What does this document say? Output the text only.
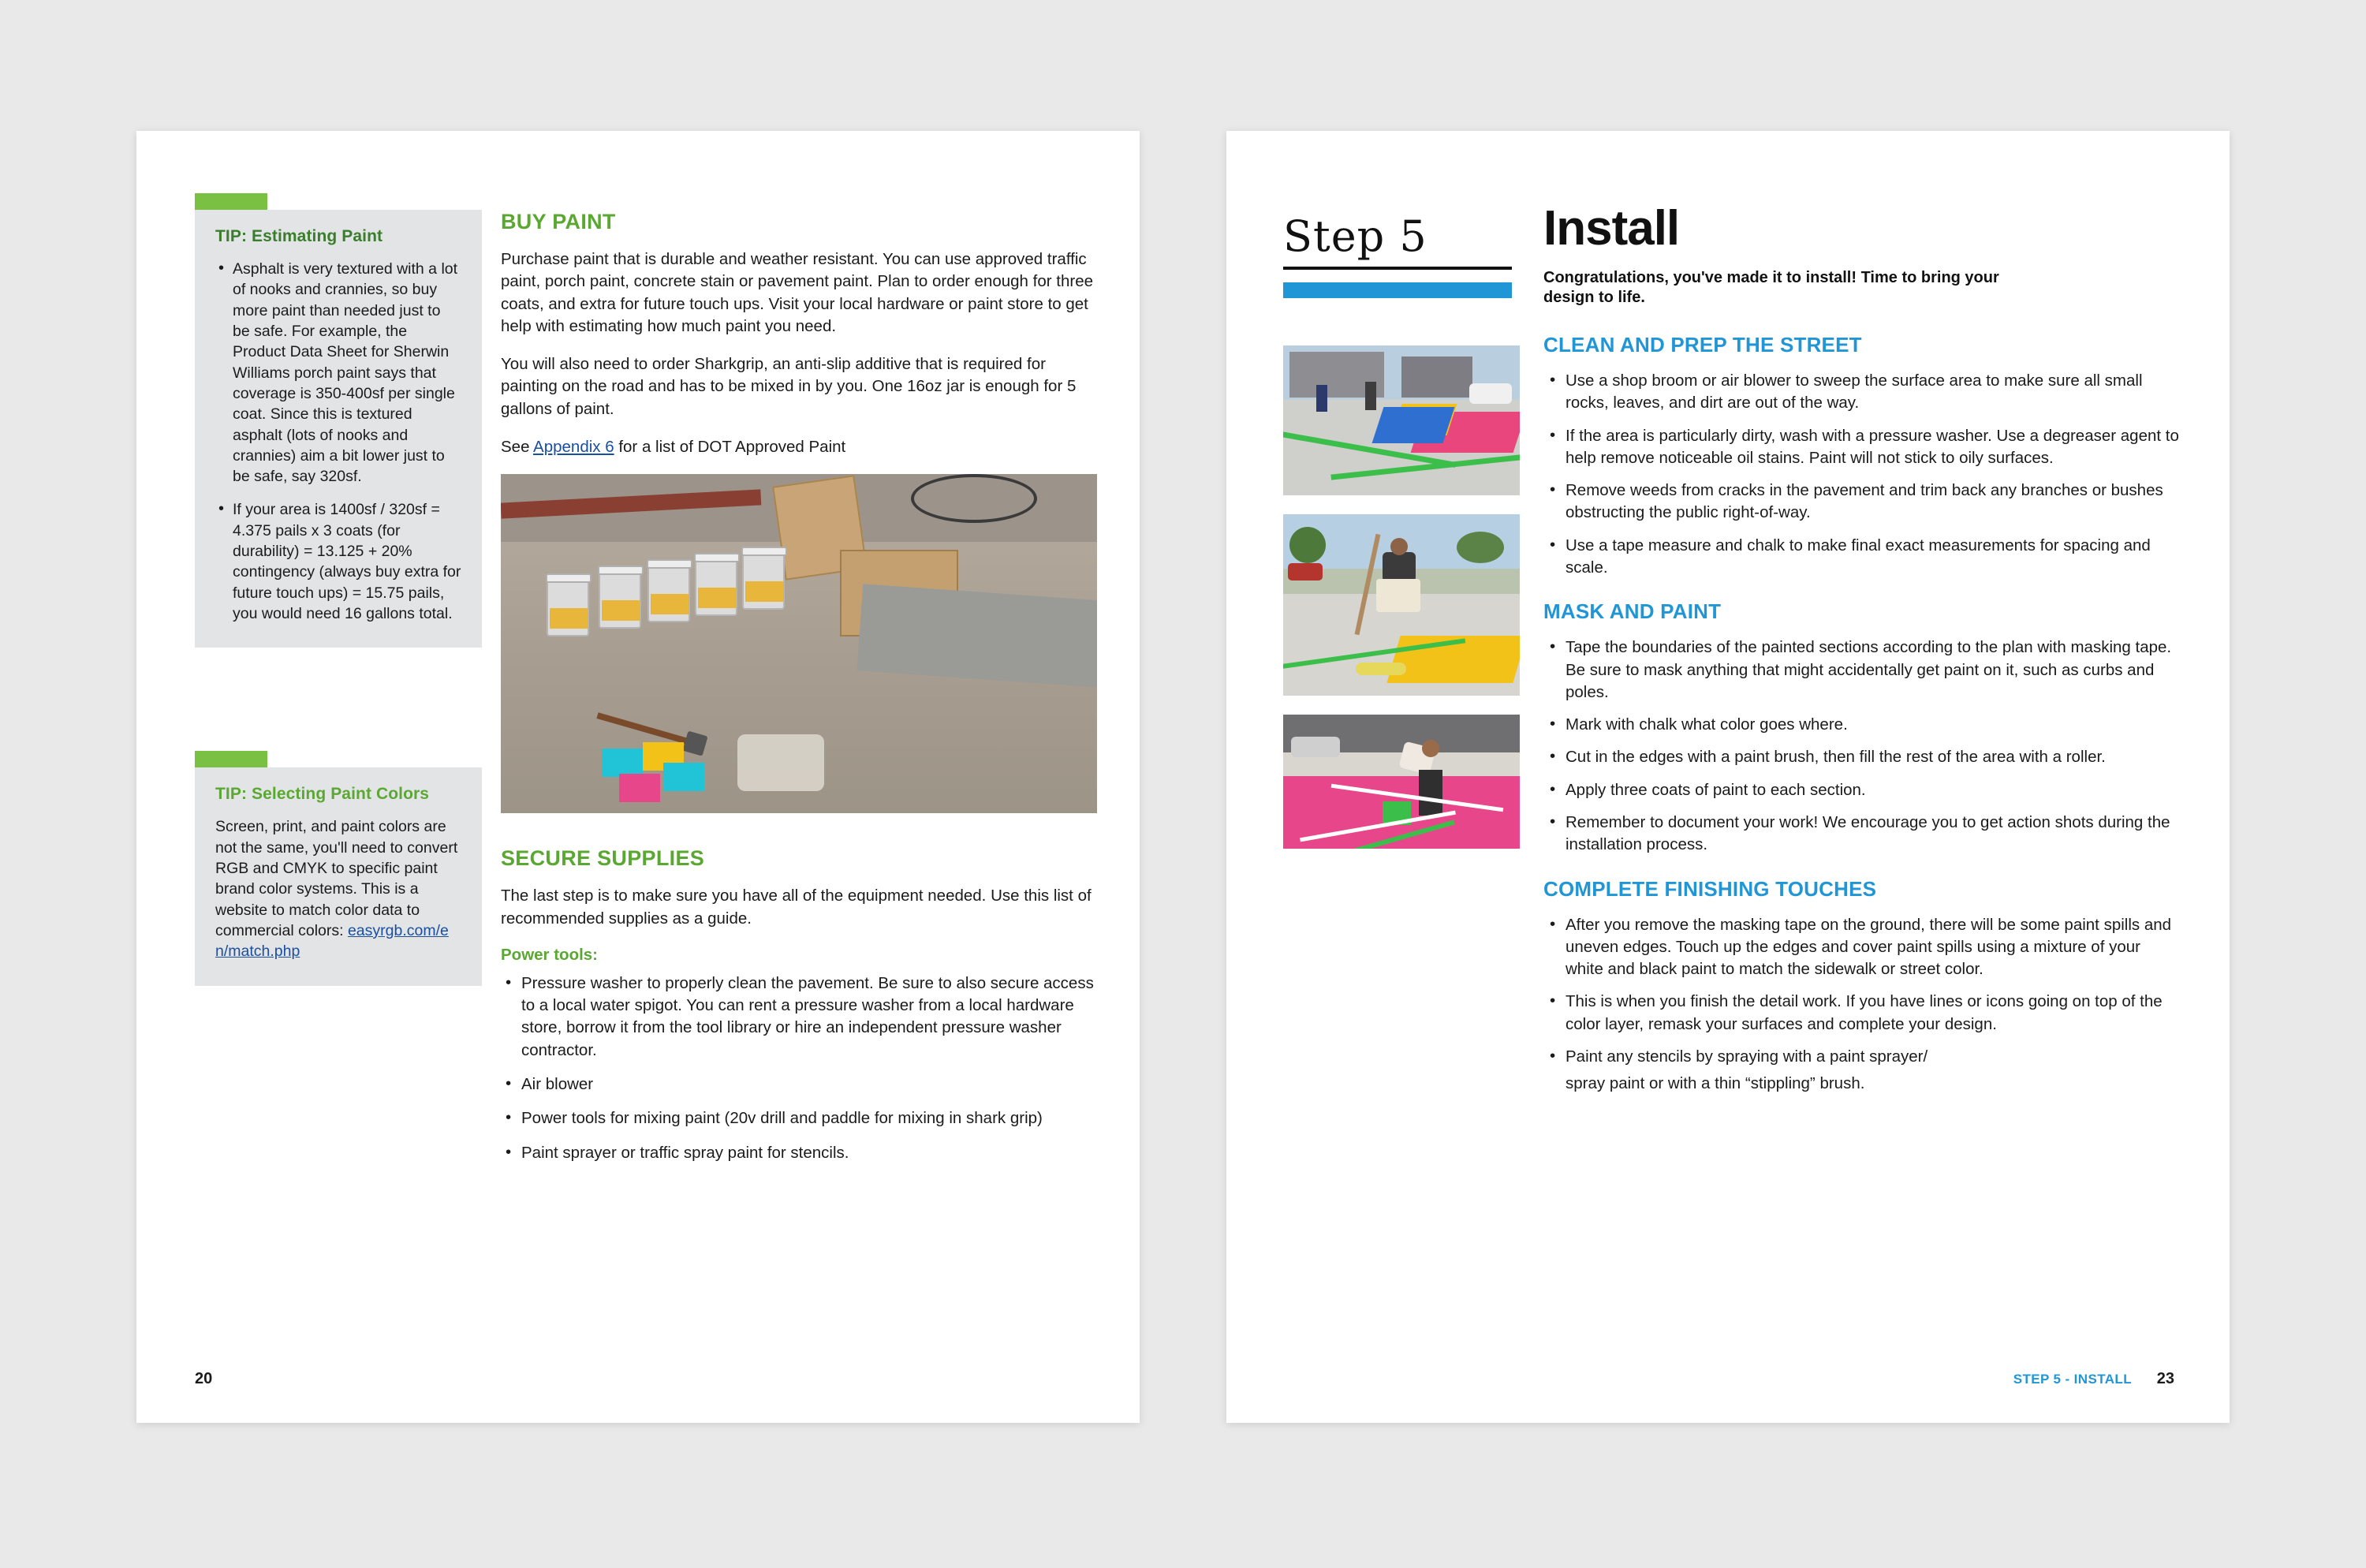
TIP: Estimating Paint
• Asphalt is very textured with a lot of nooks and crannies, so buy more paint than needed just to be safe. For example, the Product Data Sheet for Sherwin Williams porch paint says that coverage is 350-400sf per single coat. Since this is textured asphalt (lots of nooks and crannies) aim a bit lower just to be safe, say 320sf.
• If your area is 1400sf / 320sf = 4.375 pails x 3 coats (for durability) = 13.125 + 20% contingency (always buy extra for future touch ups) = 15.75 pails, you would need 16 gallons total.
TIP: Selecting Paint Colors
Screen, print, and paint colors are not the same, you'll need to convert RGB and CMYK to specific paint brand color systems. This is a website to match color data to commercial colors: easyrgb.com/en/match.php
BUY PAINT
Purchase paint that is durable and weather resistant. You can use approved traffic paint, porch paint, concrete stain or pavement paint. Plan to order enough for three coats, and extra for future touch ups. Visit your local hardware or paint store to get help with estimating how much paint you need.
You will also need to order Sharkgrip, an anti-slip additive that is required for painting on the road and has to be mixed in by you. One 16oz jar is enough for 5 gallons of paint.
See Appendix 6 for a list of DOT Approved Paint
SECURE SUPPLIES
The last step is to make sure you have all of the equipment needed. Use this list of recommended supplies as a guide.
Power tools:
• Pressure washer to properly clean the pavement. Be sure to also secure access to a local water spigot. You can rent a pressure washer from a local hardware store, borrow it from the tool library or hire an independent pressure washer contractor.
• Air blower
• Power tools for mixing paint (20v drill and paddle for mixing in shark grip)
• Paint sprayer or traffic spray paint for stencils.
20
Step 5 Install
Congratulations, you've made it to install! Time to bring your design to life.
CLEAN AND PREP THE STREET
• Use a shop broom or air blower to sweep the surface area to make sure all small rocks, leaves, and dirt are out of the way.
• If the area is particularly dirty, wash with a pressure washer. Use a degreaser agent to help remove noticeable oil stains. Paint will not stick to oily surfaces.
• Remove weeds from cracks in the pavement and trim back any branches or bushes obstructing the public right-of-way.
• Use a tape measure and chalk to make final exact measurements for spacing and scale.
MASK AND PAINT
• Tape the boundaries of the painted sections according to the plan with masking tape. Be sure to mask anything that might accidentally get paint on it, such as curbs and poles.
• Mark with chalk what color goes where.
• Cut in the edges with a paint brush, then fill the rest of the area with a roller.
• Apply three coats of paint to each section.
• Remember to document your work! We encourage you to get action shots during the installation process.
COMPLETE FINISHING TOUCHES
• After you remove the masking tape on the ground, there will be some paint spills and uneven edges. Touch up the edges and cover paint spills using a mixture of your white and black paint to match the sidewalk or street color.
• This is when you finish the detail work. If you have lines or icons going on top of the color layer, remask your surfaces and complete your design.
• Paint any stencils by spraying with a paint sprayer/
spray paint or with a thin “stippling” brush.
STEP 5 - INSTALL 23
